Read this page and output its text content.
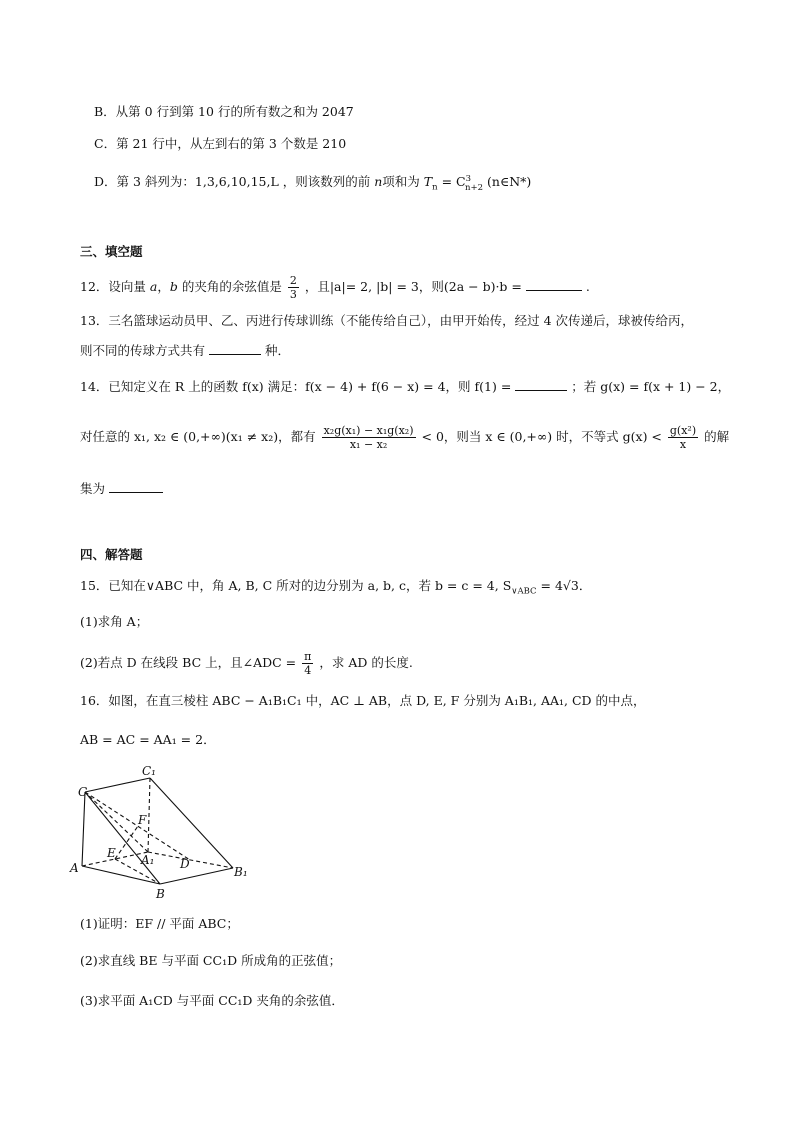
B．从第 0 行到第 10 行的所有数之和为 2047
C．第 21 行中，从左到右的第 3 个数是 210
D．第 3 斜列为：1,3,6,10,15,L ，则该数列的前 n项和为 $T_n = C^3_{n+2}$ (n∈N*)
三、填空题
12．设向量 a，b 的夹角的余弦值是 $\frac{2}{3}$ ，且|a|= 2, |b| = 3，则(2a − b)·b =	.
13．三名篮球运动员甲、乙、丙进行传球训练（不能传给自己），由甲开始传，经过 4 次传递后，球被传给丙，
则不同的传球方式共有	种．
14．已知定义在 R 上的函数 f(x) 满足：f(x − 4) + f(6 − x) = 4，则 f(1) =	；若 g(x) = f(x + 1) − 2，
对任意的 x₁, x₂ ∈ (0,+∞)(x₁ ≠ x₂)，都有 $\frac{\text{x₂g(x₁) − x₁g(x₂)}}{\text{x₁ − x₂}} < 0$，则当 x ∈ (0,+∞) 时，不等式 $g(x) < \frac{\text{g(x²)}}{x}$ 的解
集为
四、解答题
15．已知在∨ABC 中，角 A, B, C 所对的边分别为 a, b, c，若 b = c = 4, $S_{\vee ABC} = 4√3$．
(1)求角 A；
(2)若点 D 在线段 BC 上，且∠ADC = $\frac{\pi}{4}$ ，求 AD 的长度.
16．如图，在直三棱柱 ABC − A₁B₁C₁ 中，AC ⊥ AB，点 D, E, F 分别为 A₁B₁, AA₁, CD 的中点，
AB = AC = AA₁ = 2．
C
C₁
A
A₁
B
B₁
E
F
D
(1)证明：EF // 平面 ABC；
(2)求直线 BE 与平面 CC₁D 所成角的正弦值；
(3)求平面 A₁CD 与平面 CC₁D 夹角的余弦值．
